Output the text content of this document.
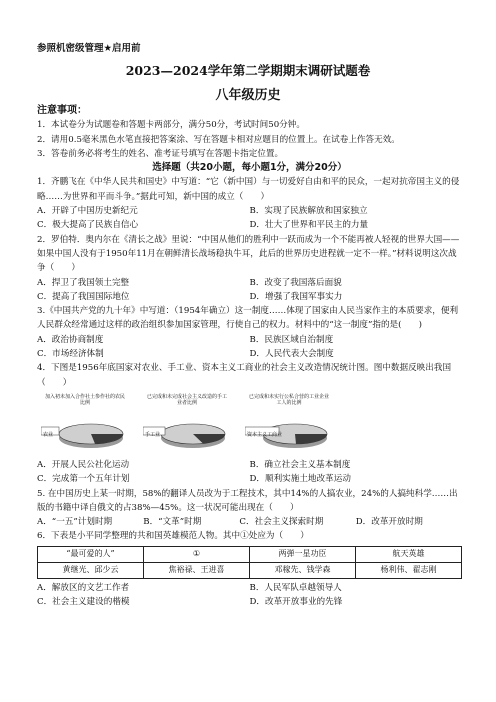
参照机密级管理★启用前
2023—2024学年第二学期期末调研试题卷
八年级历史
注意事项：
1．本试卷分为试题卷和答题卡两部分，满分50分，考试时间50分钟。
2．请用0.5毫米黑色水笔直接把答案涂、写在答题卡相对应题目的位置上。在试卷上作答无效。
3．答卷前务必将考生的姓名、准考证号填写在答题卡指定位置。
选择题（共20小题，每小题1分，满分20分）
1．齐鹏飞在《中华人民共和国史》中写道：“它（新中国）与一切爱好自由和平的民众，一起对抗帝国主义的侵略……为世界和平而斗争。”据此可知，新中国的成立（　　）
A．开辟了中国历史新纪元	B．实现了民族解放和国家独立
C．极大提高了民族自信心	D．壮大了世界和平民主的力量
2．罗伯特．奥内尔在《清长之战》里说：“中国从他们的胜利中一跃而成为一个不能再被人轻视的世界大国——如果中国人没有于1950年11月在朝鲜清长战场稳执牛耳，此后的世界历史进程就一定不一样。”材料说明这次战争（　　）
A．捍卫了我国领土完整	B．改变了我国落后面貌
C．提高了我国国际地位	D．增强了我国军事实力
3.《中国共产党的九十年》中写道：（1954年确立）这一制度……体现了国家由人民当家作主的本质要求，便利人民群众经常通过这样的政治组织参加国家管理，行使自己的权力。材料中的“这一制度”指的是(　　)
A．政治协商制度	B．民族区域自治制度
C．市场经济体制	D．人民代表大会制度
4．下图是1956年底国家对农业、手工业、资本主义工商业的社会主义改造情况统计图。图中数据反映出我国（　　）
加入初未加入合作社土参作社的农民比例
农业
已完成和未完成社会主义改造的手工业者比例
手工业
已完成和未实行公私合营的工业企业工人的比例
资本主义工商业
A．开展人民公社化运动	B．确立社会主义基本制度
C．完成第一个五年计划	D．顺利实施土地改革运动
5. 在中国历史上某一时期，58%的翻译人员改为于工程技术，其中14%的人搞农业，24%的人搞纯科学……出版的书籍中译自俄文的占38%—45%。这一状况可能出现在（　　）
A．“一五”计划时期	B．“文革”时期	C．社会主义探索时期	D．改革开放时期
6．下表是小平同学整理的共和国英雄模范人物。其中①处应为（　　）
“最可爱的人”	①	两弹一星功臣	航天英雄
黄继光、邱少云	焦裕禄、王进喜	邓稼先、钱学森	杨利伟、翟志刚
A．解放区的文艺工作者	B．人民军队卓越领导人
C．社会主义建设的楷模	D．改革开放事业的先锋
